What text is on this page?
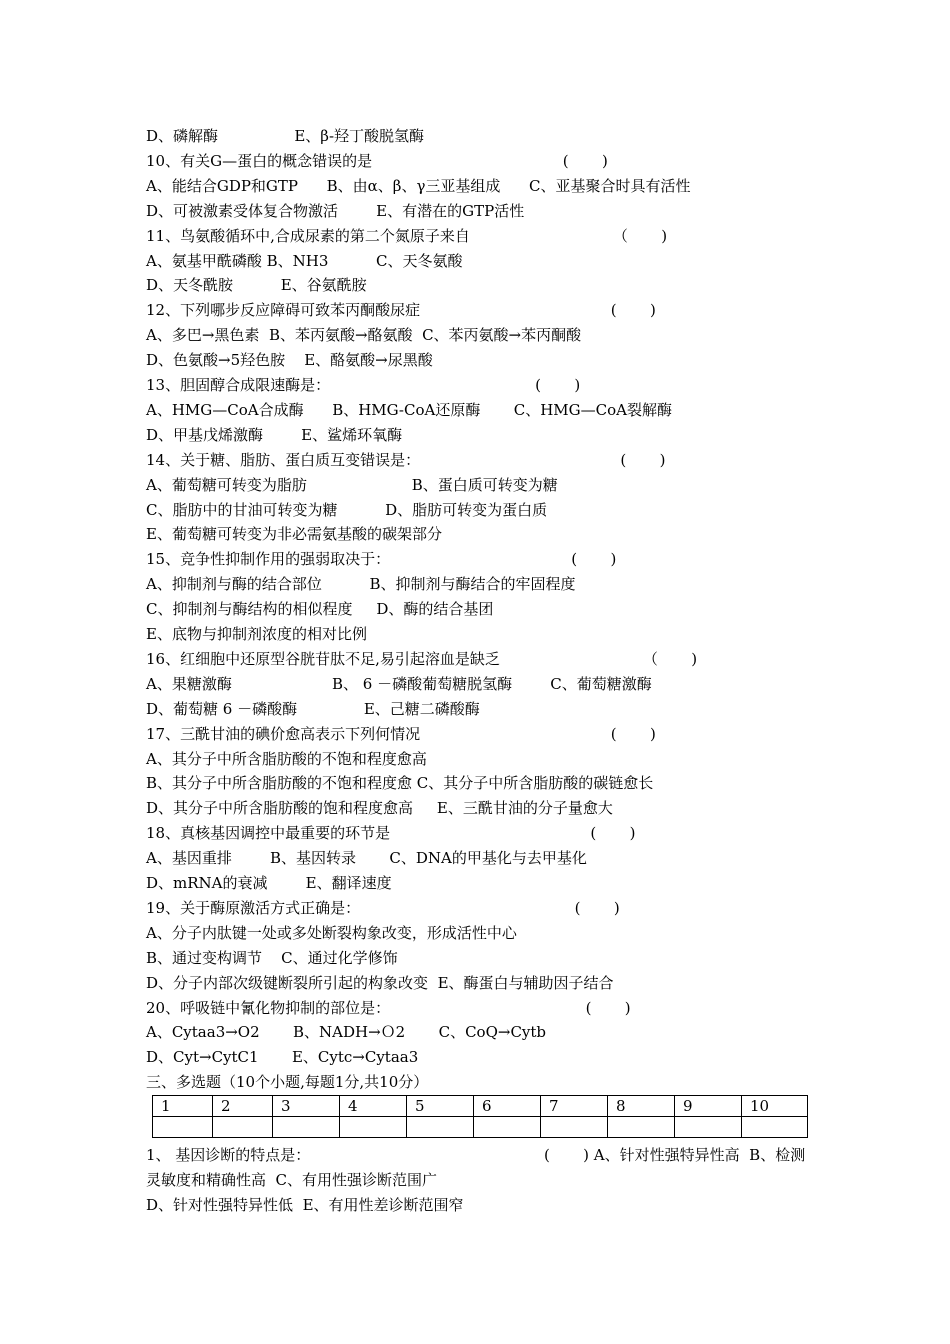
D、磷解酶                E、β-羟丁酸脱氢酶
10、有关G—蛋白的概念错误的是                                        (       )
A、能结合GDP和GTP      B、由α、β、γ三亚基组成      C、亚基聚合时具有活性
D、可被激素受体复合物激活        E、有潜在的GTP活性
11、鸟氨酸循环中,合成尿素的第二个氮原子来自                              （       )
A、氨基甲酰磷酸 B、NH3          C、天冬氨酸
D、天冬酰胺          E、谷氨酰胺
12、下列哪步反应障碍可致苯丙酮酸尿症                                        (       )
A、多巴→黑色素  B、苯丙氨酸→酪氨酸  C、苯丙氨酸→苯丙酮酸
D、色氨酸→5羟色胺    E、酪氨酸→尿黑酸
13、胆固醇合成限速酶是：                                           (       )
A、HMG—CoA合成酶      B、HMG-CoA还原酶       C、HMG—CoA裂解酶
D、甲基戊烯激酶        E、鲨烯环氧酶
14、关于糖、脂肪、蛋白质互变错误是：                                          (       )
A、葡萄糖可转变为脂肪                      B、蛋白质可转变为糖
C、脂肪中的甘油可转变为糖          D、脂肪可转变为蛋白质
E、葡萄糖可转变为非必需氨基酸的碳架部分
15、竞争性抑制作用的强弱取决于：                                      (       )
A、抑制剂与酶的结合部位          B、抑制剂与酶结合的牢固程度
C、抑制剂与酶结构的相似程度     D、酶的结合基团
E、底物与抑制剂浓度的相对比例
16、红细胞中还原型谷胱苷肽不足,易引起溶血是缺乏                              （       )
A、果糖激酶                     B、 6 －磷酸葡萄糖脱氢酶        C、葡萄糖激酶
D、葡萄糖 6 －磷酸酶              E、己糖二磷酸酶
17、三酰甘油的碘价愈高表示下列何情况                                        (       )
A、其分子中所含脂肪酸的不饱和程度愈高
B、其分子中所含脂肪酸的不饱和程度愈 C、其分子中所含脂肪酸的碳链愈长
D、其分子中所含脂肪酸的饱和程度愈高     E、三酰甘油的分子量愈大
18、真核基因调控中最重要的环节是                                          (       )
A、基因重排        B、基因转录       C、DNA的甲基化与去甲基化
D、mRNA的衰减        E、翻译速度
19、关于酶原激活方式正确是：                                             (       )
A、分子内肽键一处或多处断裂构象改变，形成活性中心
B、通过变构调节    C、通过化学修饰
D、分子内部次级键断裂所引起的构象改变  E、酶蛋白与辅助因子结合
20、呼吸链中氰化物抑制的部位是：                                         (       )
A、Cytaa3→O2       B、NADH→Ｏ2       C、CoQ→Cytb
D、Cyt→CytC1       E、Cytc→Cytaa3
三、多选题（10个小题,每题1分,共10分）
1	2	3	4	5	6	7	8	9	10

1、 基因诊断的特点是：                                                 (       ) A、针对性强特异性高  B、检测
灵敏度和精确性高  C、有用性强诊断范围广
D、针对性强特异性低  E、有用性差诊断范围窄
